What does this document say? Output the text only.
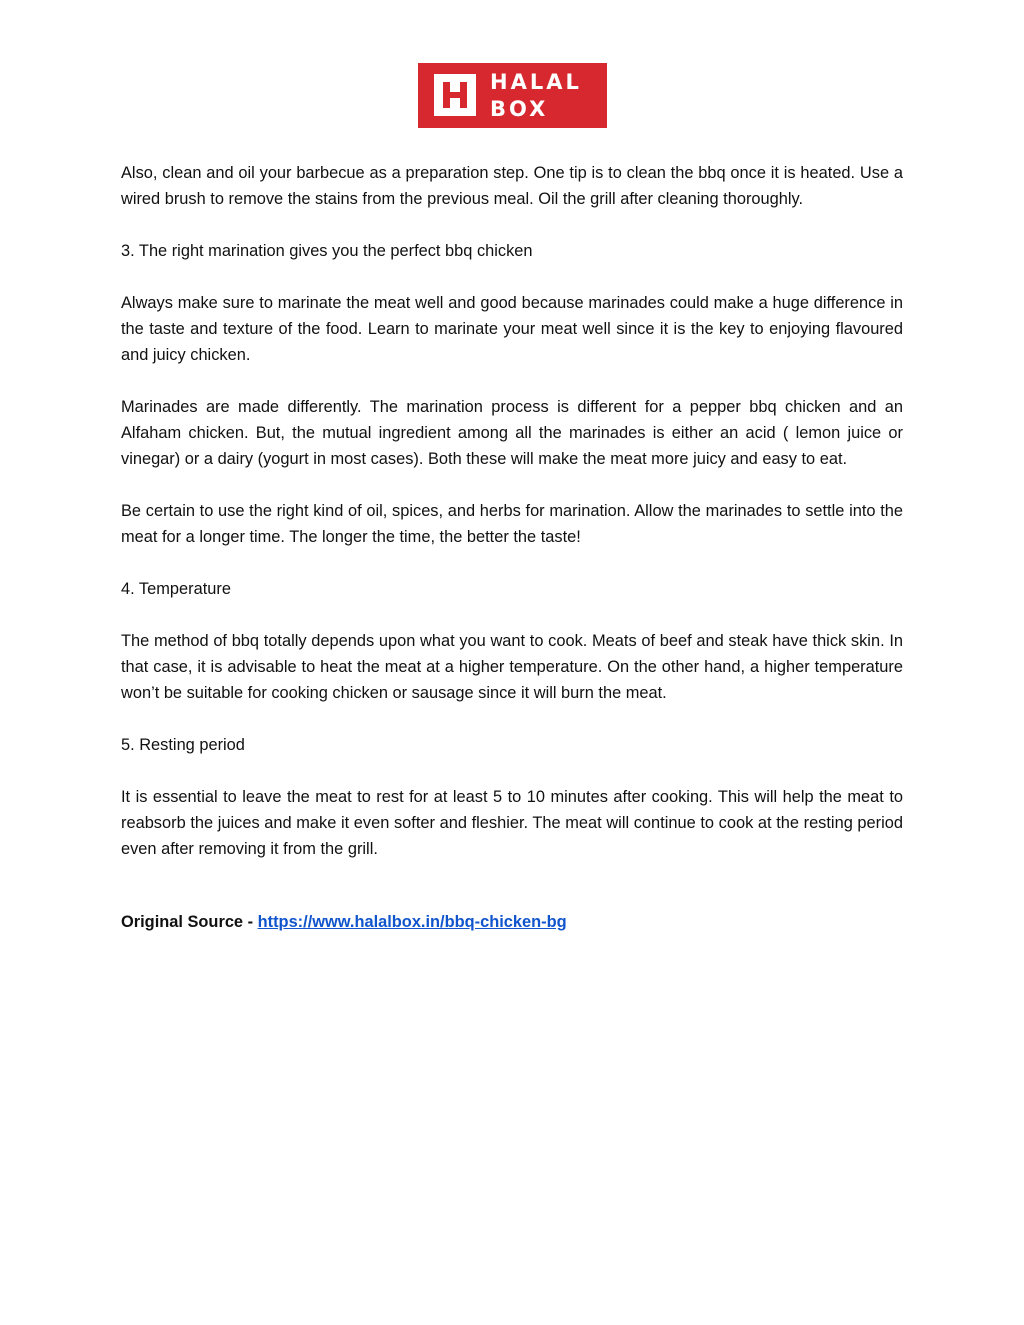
HALAL
BOX

Also, clean and oil your barbecue as a preparation step. One tip is to clean the bbq once it is heated. Use a wired brush to remove the stains from the previous meal. Oil the grill after cleaning thoroughly.

3. The right marination gives you the perfect bbq chicken

Always make sure to marinate the meat well and good because marinades could make a huge difference in the taste and texture of the food. Learn to marinate your meat well since it is the key to enjoying flavoured and juicy chicken.

Marinades are made differently. The marination process is different for a pepper bbq chicken and an Alfaham chicken. But, the mutual ingredient among all the marinades is either an acid ( lemon juice or vinegar) or a dairy (yogurt in most cases). Both these will make the meat more juicy and easy to eat.

Be certain to use the right kind of oil, spices, and herbs for marination. Allow the marinades to settle into the meat for a longer time. The longer the time, the better the taste!

4. Temperature

The method of bbq totally depends upon what you want to cook. Meats of beef and steak have thick skin. In that case, it is advisable to heat the meat at a higher temperature. On the other hand, a higher temperature won’t be suitable for cooking chicken or sausage since it will burn the meat.

5. Resting period

It is essential to leave the meat to rest for at least 5 to 10 minutes after cooking. This will help the meat to reabsorb the juices and make it even softer and fleshier. The meat will continue to cook at the resting period even after removing it from the grill.

Original Source - https://www.halalbox.in/bbq-chicken-bg
